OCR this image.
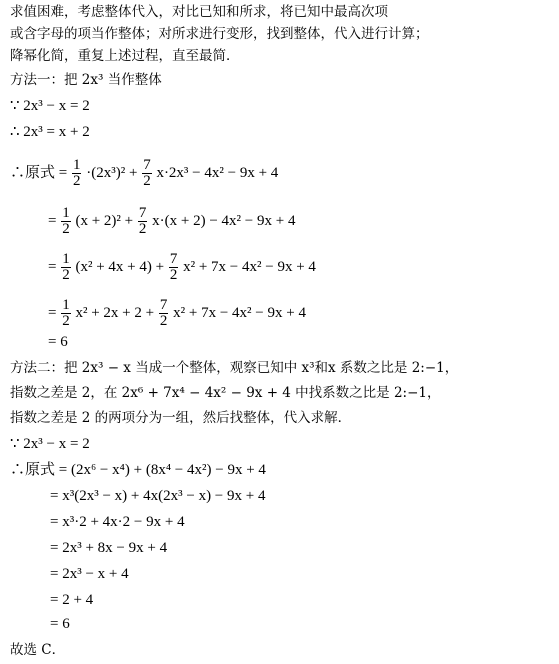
求值困难，考虑整体代入，对比已知和所求，将已知中最高次项
或含字母的项当作整体；对所求进行变形，找到整体，代入进行计算；
降幂化简，重复上述过程，直至最简．
方法一：把 2x³ 当作整体
∵ 2x³ − x = 2
∴ 2x³ = x + 2
∴原式 = $\frac{1}{2} \cdot(2x^3)^2 + \frac{7}{2} x\cdot 2x^3 - 4x^2 - 9x + 4$
= $\frac{1}{2} (x + 2)^2 + \frac{7}{2} x\cdot(x + 2) - 4x^2 - 9x + 4$
= $\frac{1}{2} (x^2 + 4x + 4) + \frac{7}{2} x^2 + 7x - 4x^2 - 9x + 4$
= $\frac{1}{2} x^2 + 2x + 2 + \frac{7}{2} x^2 + 7x - 4x^2 - 9x + 4$
= 6
方法二：把 2x³ − x 当成一个整体，观察已知中 x³和x 系数之比是 2:−1，
指数之差是 2，在 2x⁶ + 7x⁴ − 4x² − 9x + 4 中找系数之比是 2:−1，
指数之差是 2 的两项分为一组，然后找整体，代入求解．
∵ 2x³ − x = 2
∴原式 = (2x⁶ − x⁴) + (8x⁴ − 4x²) − 9x + 4
= x³(2x³ − x) + 4x(2x³ − x) − 9x + 4
= x³·2 + 4x·2 − 9x + 4
= 2x³ + 8x − 9x + 4
= 2x³ − x + 4
= 2 + 4
= 6
故选 C．
